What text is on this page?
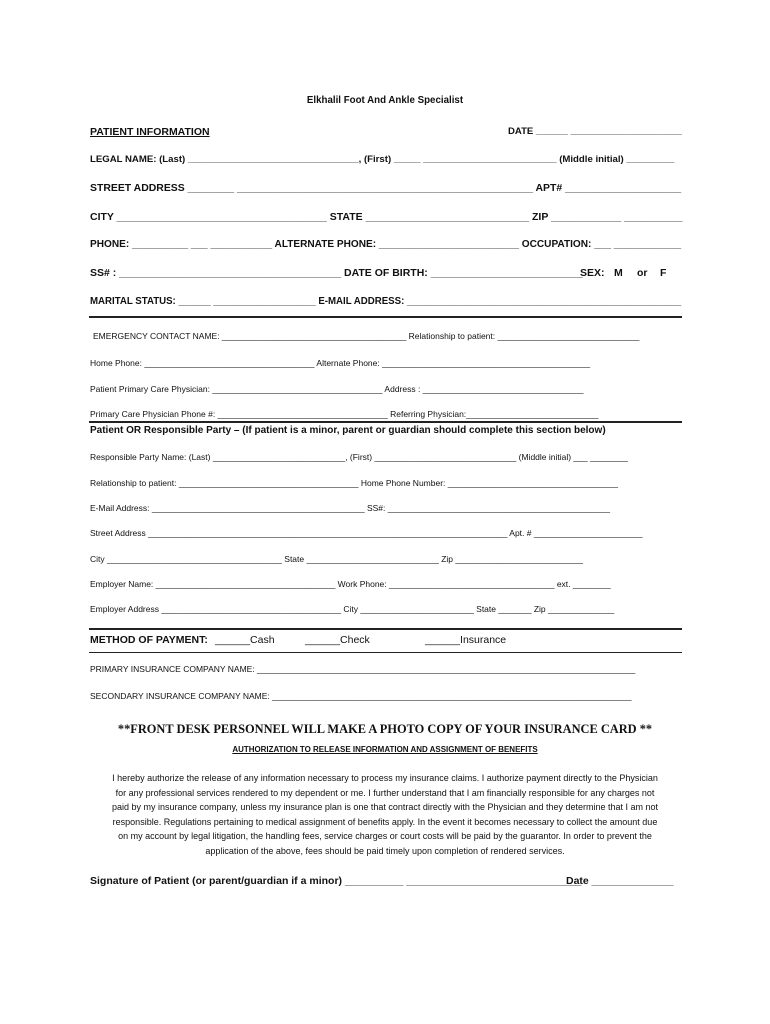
Elkhalil Foot And Ankle Specialist
PATIENT INFORMATION	DATE ______ _____________________
LEGAL NAME: (Last) ________________________________, (First) _____ _________________________ (Middle initial) _________
STREET ADDRESS ________ ___________________________________________________ APT# ____________________
CITY ____________________________________ STATE ____________________________ ZIP ____________ __________
PHONE: __________ ___ ___________ ALTERNATE PHONE: _________________________ OCCUPATION: ___ ____________
SS# : ______________________________________ DATE OF BIRTH: __________________________
SEX: M or F
MARITAL STATUS: ______ ___________________ E-MAIL ADDRESS: ___________________________________________________
EMERGENCY CONTACT NAME: _______________________________________ Relationship to patient: ______________________________
Home Phone: ____________________________________ Alternate Phone: ____________________________________________
Patient Primary Care Physician: ____________________________________ Address : __________________________________
Primary Care Physician Phone #: ____________________________________ Referring Physician:____________________________
Patient OR Responsible Party – (If patient is a minor, parent or guardian should complete this section below)
Responsible Party Name: (Last) ____________________________, (First) ______________________________ (Middle initial) ___ ________
Relationship to patient: ______________________________________ Home Phone Number: ____________________________________
E-Mail Address: _____________________________________________ SS#: _______________________________________________
Street Address ____________________________________________________________________________ Apt. # _______________________
City _____________________________________ State ____________________________ Zip ___________________________
Employer Name: ______________________________________ Work Phone: ___________________________________ ext. ________
Employer Address ______________________________________ City ________________________ State _______ Zip ______________
METHOD OF PAYMENT: ______Cash	______Check	______Insurance
PRIMARY INSURANCE COMPANY NAME: ________________________________________________________________________________
SECONDARY INSURANCE COMPANY NAME: ____________________________________________________________________________
**FRONT DESK PERSONNEL WILL MAKE A PHOTO COPY OF YOUR INSURANCE CARD **
AUTHORIZATION TO RELEASE INFORMATION AND ASSIGNMENT OF BENEFITS
I hereby authorize the release of any information necessary to process my insurance claims. I authorize payment directly to the Physician
for any professional services rendered to my dependent or me. I further understand that I am financially responsible for any charges not
paid by my insurance company, unless my insurance plan is one that contract directly with the Physician and they determine that I am not
responsible. Regulations pertaining to medical assignment of benefits apply. In the event it becomes necessary to collect the amount due
on my account by legal litigation, the handling fees, service charges or court costs will be paid by the guarantor. In order to prevent the
application of the above, fees should be paid timely upon completion of rendered services.
Signature of Patient (or parent/guardian if a minor) __________ ______________________________
Date ______________
